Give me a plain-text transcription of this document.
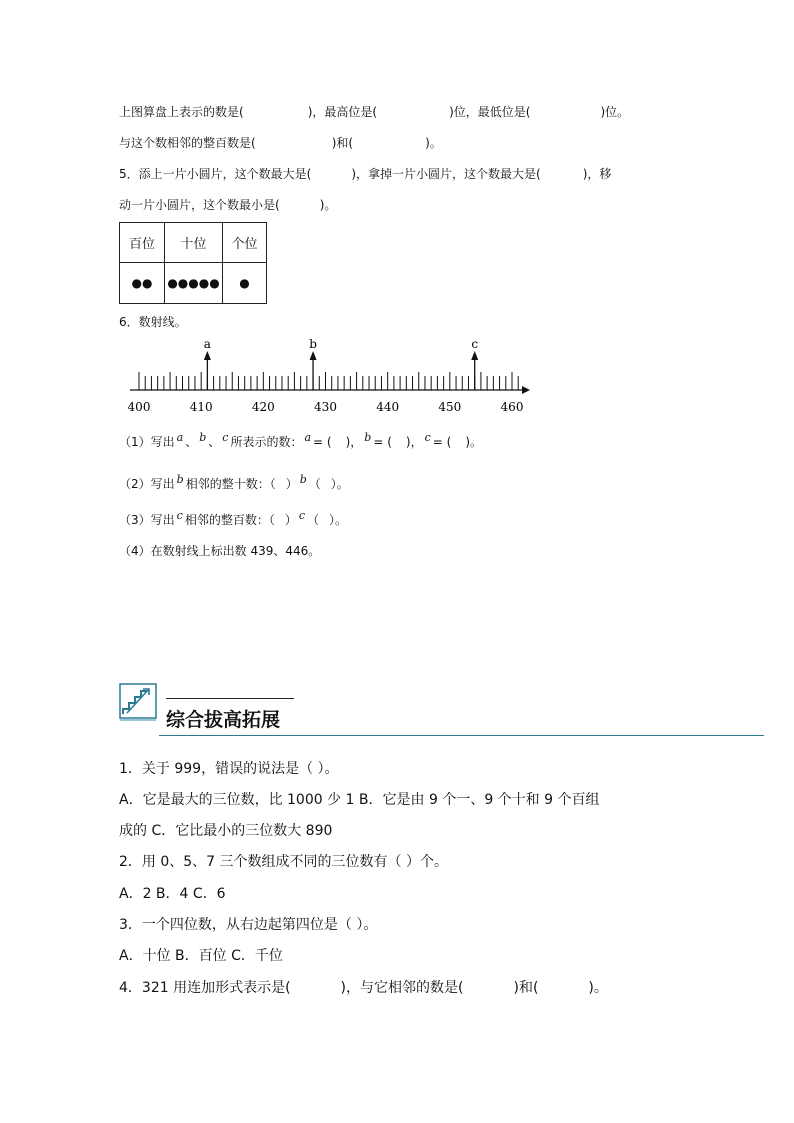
上图算盘上表示的数是(	)，最高位是(	)位，最低位是(	)位。
与这个数相邻的整百数是(	)和(	)。
5．添上一片小圆片，这个数最大是(	)，拿掉一片小圆片，这个数最大是(	)，移
动一片小圆片，这个数最小是(	)。
百位	十位	个位
●●	●●●●●	●
6．数射线。
400	410	420	430	440	450	460
a	b	c
（1）写出 a 、 b 、 c 所表示的数： a = ( )， b = ( )， c = ( )。
（2）写出 b 相邻的整十数：（ ） b （ ）。
（3）写出 c 相邻的整百数：（ ） c （ ）。
（4）在数射线上标出数 439、446。
综合拔高拓展
1．关于 999，错误的说法是（ ）。
A．它是最大的三位数，比 1000 少 1 B．它是由 9 个一、9 个十和 9 个百组
成的 C．它比最小的三位数大 890
2．用 0、5、7 三个数组成不同的三位数有（ ）个。
A．2 B．4 C．6
3．一个四位数，从右边起第四位是（ ）。
A．十位 B．百位 C．千位
4．321 用连加形式表示是(	)，与它相邻的数是(	)和(	)。
